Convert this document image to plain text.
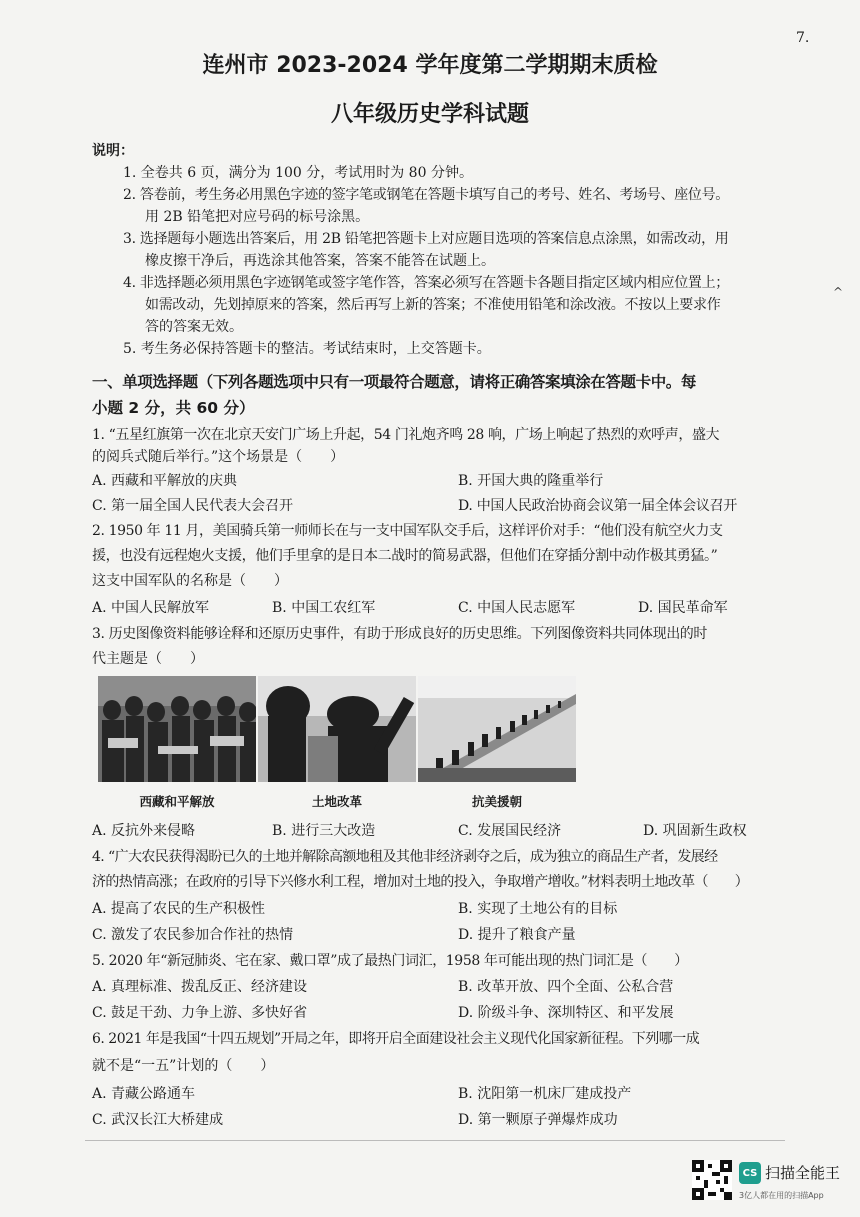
7.
^
连州市 2023-2024 学年度第二学期期末质检
八年级历史学科试题
说明：
1. 全卷共 6 页，满分为 100 分，考试用时为 80 分钟。
2. 答卷前，考生务必用黑色字迹的签字笔或钢笔在答题卡填写自己的考号、姓名、考场号、座位号。
用 2B 铅笔把对应号码的标号涂黑。
3. 选择题每小题选出答案后，用 2B 铅笔把答题卡上对应题目选项的答案信息点涂黑，如需改动，用
橡皮擦干净后，再选涂其他答案，答案不能答在试题上。
4. 非选择题必须用黑色字迹钢笔或签字笔作答，答案必须写在答题卡各题目指定区域内相应位置上；
如需改动，先划掉原来的答案，然后再写上新的答案；不准使用铅笔和涂改液。不按以上要求作
答的答案无效。
5. 考生务必保持答题卡的整洁。考试结束时，上交答题卡。
一、单项选择题（下列各题选项中只有一项最符合题意，请将正确答案填涂在答题卡中。每
小题 2 分，共 60 分）
1. “五星红旗第一次在北京天安门广场上升起，54 门礼炮齐鸣 28 响，广场上响起了热烈的欢呼声，盛大
的阅兵式随后举行。”这个场景是（　　）
A. 西藏和平解放的庆典	B. 开国大典的隆重举行
C. 第一届全国人民代表大会召开	D. 中国人民政治协商会议第一届全体会议召开
2. 1950 年 11 月，美国骑兵第一师师长在与一支中国军队交手后，这样评价对手：“他们没有航空火力支
援，也没有远程炮火支援，他们手里拿的是日本二战时的简易武器，但他们在穿插分割中动作极其勇猛。”
这支中国军队的名称是（　　）
A. 中国人民解放军	B. 中国工农红军	C. 中国人民志愿军	D. 国民革命军
3. 历史图像资料能够诠释和还原历史事件，有助于形成良好的历史思维。下列图像资料共同体现出的时
代主题是（　　）
西藏和平解放	土地改革	抗美援朝
A. 反抗外来侵略	B. 进行三大改造	C. 发展国民经济	D. 巩固新生政权
4. “广大农民获得渴盼已久的土地并解除高额地租及其他非经济剥夺之后，成为独立的商品生产者，发展经
济的热情高涨；在政府的引导下兴修水利工程，增加对土地的投入，争取增产增收。”材料表明土地改革（　　）
A. 提高了农民的生产积极性	B. 实现了土地公有的目标
C. 激发了农民参加合作社的热情	D. 提升了粮食产量
5. 2020 年“新冠肺炎、宅在家、戴口罩”成了最热门词汇，1958 年可能出现的热门词汇是（　　）
A. 真理标准、拨乱反正、经济建设	B. 改革开放、四个全面、公私合营
C. 鼓足干劲、力争上游、多快好省	D. 阶级斗争、深圳特区、和平发展
6. 2021 年是我国“十四五规划”开局之年，即将开启全面建设社会主义现代化国家新征程。下列哪一成
就不是“一五”计划的（　　）
A. 青藏公路通车	B. 沈阳第一机床厂建成投产
C. 武汉长江大桥建成	D. 第一颗原子弹爆炸成功
CS 扫描全能王
3亿人都在用的扫描App
